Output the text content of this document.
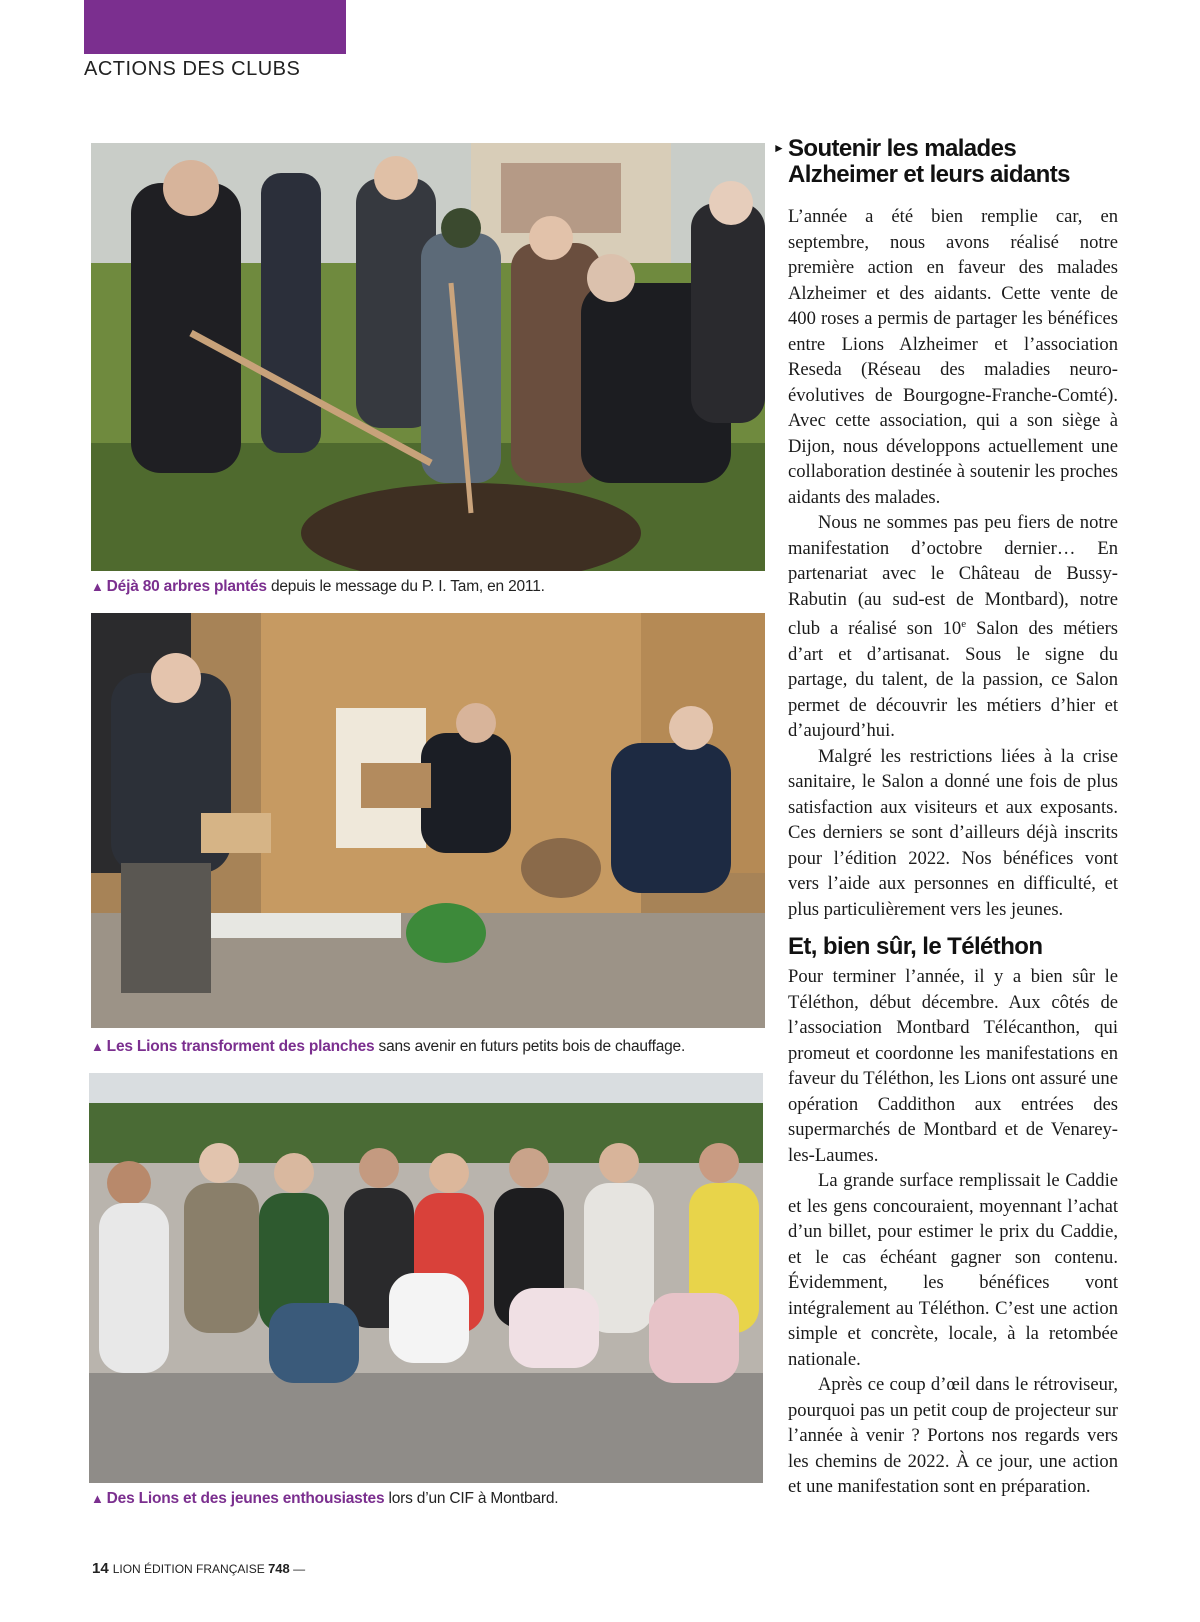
ACTIONS DES CLUBS
▲ Déjà 80 arbres plantés depuis le message du P. I. Tam, en 2011.
▲ Les Lions transforment des planches sans avenir en futurs petits bois de chauffage.
▲ Des Lions et des jeunes enthousiastes lors d’un CIF à Montbard.
► Soutenir les malades Alzheimer et leurs aidants

L’année a été bien remplie car, en septembre, nous avons réalisé notre première action en faveur des malades Alzheimer et des aidants. Cette vente de 400 roses a permis de partager les bénéfices entre Lions Alzheimer et l’association Reseda (Réseau des maladies neuro-évolutives de Bourgogne-Franche-Comté). Avec cette association, qui a son siège à Dijon, nous développons actuellement une collaboration destinée à soutenir les proches aidants des malades.

Nous ne sommes pas peu fiers de notre manifestation d’octobre dernier… En partenariat avec le Château de Bussy-Rabutin (au sud-est de Montbard), notre club a réalisé son 10e Salon des métiers d’art et d’artisanat. Sous le signe du partage, du talent, de la passion, ce Salon permet de découvrir les métiers d’hier et d’aujourd’hui.

Malgré les restrictions liées à la crise sanitaire, le Salon a donné une fois de plus satisfaction aux visiteurs et aux exposants. Ces derniers se sont d’ailleurs déjà inscrits pour l’édition 2022. Nos bénéfices vont vers l’aide aux personnes en difficulté, et plus particulièrement vers les jeunes.

Et, bien sûr, le Téléthon

Pour terminer l’année, il y a bien sûr le Téléthon, début décembre. Aux côtés de l’association Montbard Télécanthon, qui promeut et coordonne les manifestations en faveur du Téléthon, les Lions ont assuré une opération Caddithon aux entrées des supermarchés de Montbard et de Venarey-les-Laumes.

La grande surface remplissait le Caddie et les gens concouraient, moyennant l’achat d’un billet, pour estimer le prix du Caddie, et le cas échéant gagner son contenu. Évidemment, les bénéfices vont intégralement au Téléthon. C’est une action simple et concrète, locale, à la retombée nationale.

Après ce coup d’œil dans le rétroviseur, pourquoi pas un petit coup de projecteur sur l’année à venir ? Portons nos regards vers les chemins de 2022. À ce jour, une action et une manifestation sont en préparation.

14 LION ÉDITION FRANÇAISE 748 —
